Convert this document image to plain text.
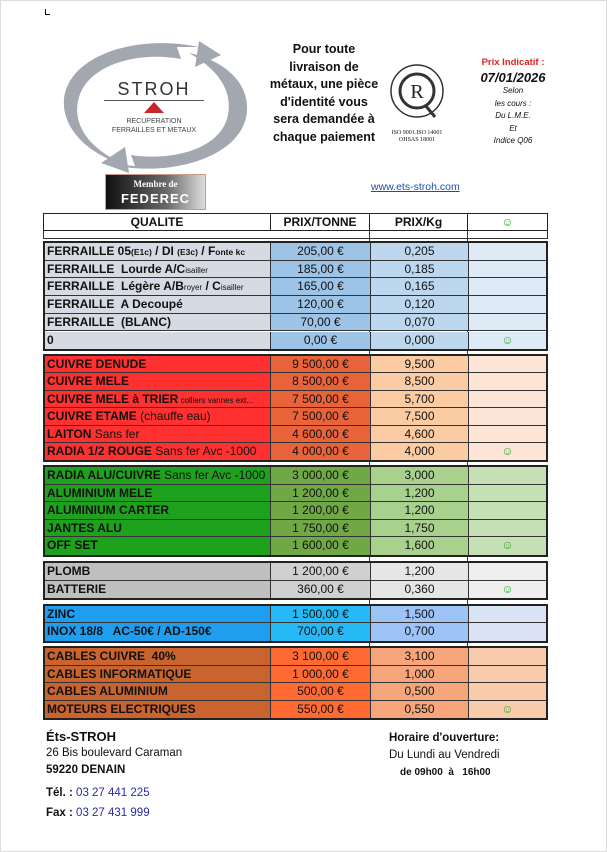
STROH
RECUPERATION
FERRAILLES ET METAUX
Pour toute livraison de métaux, une pièce d'identité vous sera demandée à chaque paiement
R
ISO 9001.ISO 14001
OHSAS 18001
Prix Indicatif :
07/01/2026
Selon
les cours :
Du L.M.E.
Et
Indice Q06
Membre de
FEDEREC
www.ets-stroh.com
QUALITE	PRIX/TONNE	PRIX/Kg	☺
FERRAILLE 05(E1c) / DI (E3c) / Fonte kc	205,00 €	0,205
FERRAILLE  Lourde A/Cisailler	185,00 €	0,185
FERRAILLE  Légère A/Broyer / Cisailler	165,00 €	0,165
FERRAILLE  A Decoupé	120,00 €	0,120
FERRAILLE  (BLANC)	70,00 €	0,070
0	0,00 €	0,000	☺
CUIVRE DENUDE	9 500,00 €	9,500
CUIVRE MELE	8 500,00 €	8,500
CUIVRE MELE à TRIER colliers vannes ext...	7 500,00 €	5,700
CUIVRE ETAME (chauffe eau)	7 500,00 €	7,500
LAITON Sans fer	4 600,00 €	4,600
RADIA 1/2 ROUGE Sans fer Avc -1000	4 000,00 €	4,000	☺
RADIA ALU/CUIVRE Sans fer Avc -1000	3 000,00 €	3,000
ALUMINIUM MELE	1 200,00 €	1,200
ALUMINIUM CARTER	1 200,00 €	1,200
JANTES ALU	1 750,00 €	1,750
OFF SET	1 600,00 €	1,600	☺
PLOMB	1 200,00 €	1,200
BATTERIE	360,00 €	0,360	☺
ZINC	1 500,00 €	1,500
INOX 18/8   AC-50€ / AD-150€	700,00 €	0,700
CABLES CUIVRE  40%	3 100,00 €	3,100
CABLES INFORMATIQUE	1 000,00 €	1,000
CABLES ALUMINIUM	500,00 €	0,500
MOTEURS ELECTRIQUES	550,00 €	0,550	☺
Éts-STROH
26 Bis boulevard Caraman
59220 DENAIN
Tél. : 03 27 441 225
Fax : 03 27 431 999
Horaire d'ouverture:
Du Lundi au Vendredi
de 09h00  à   16h00
